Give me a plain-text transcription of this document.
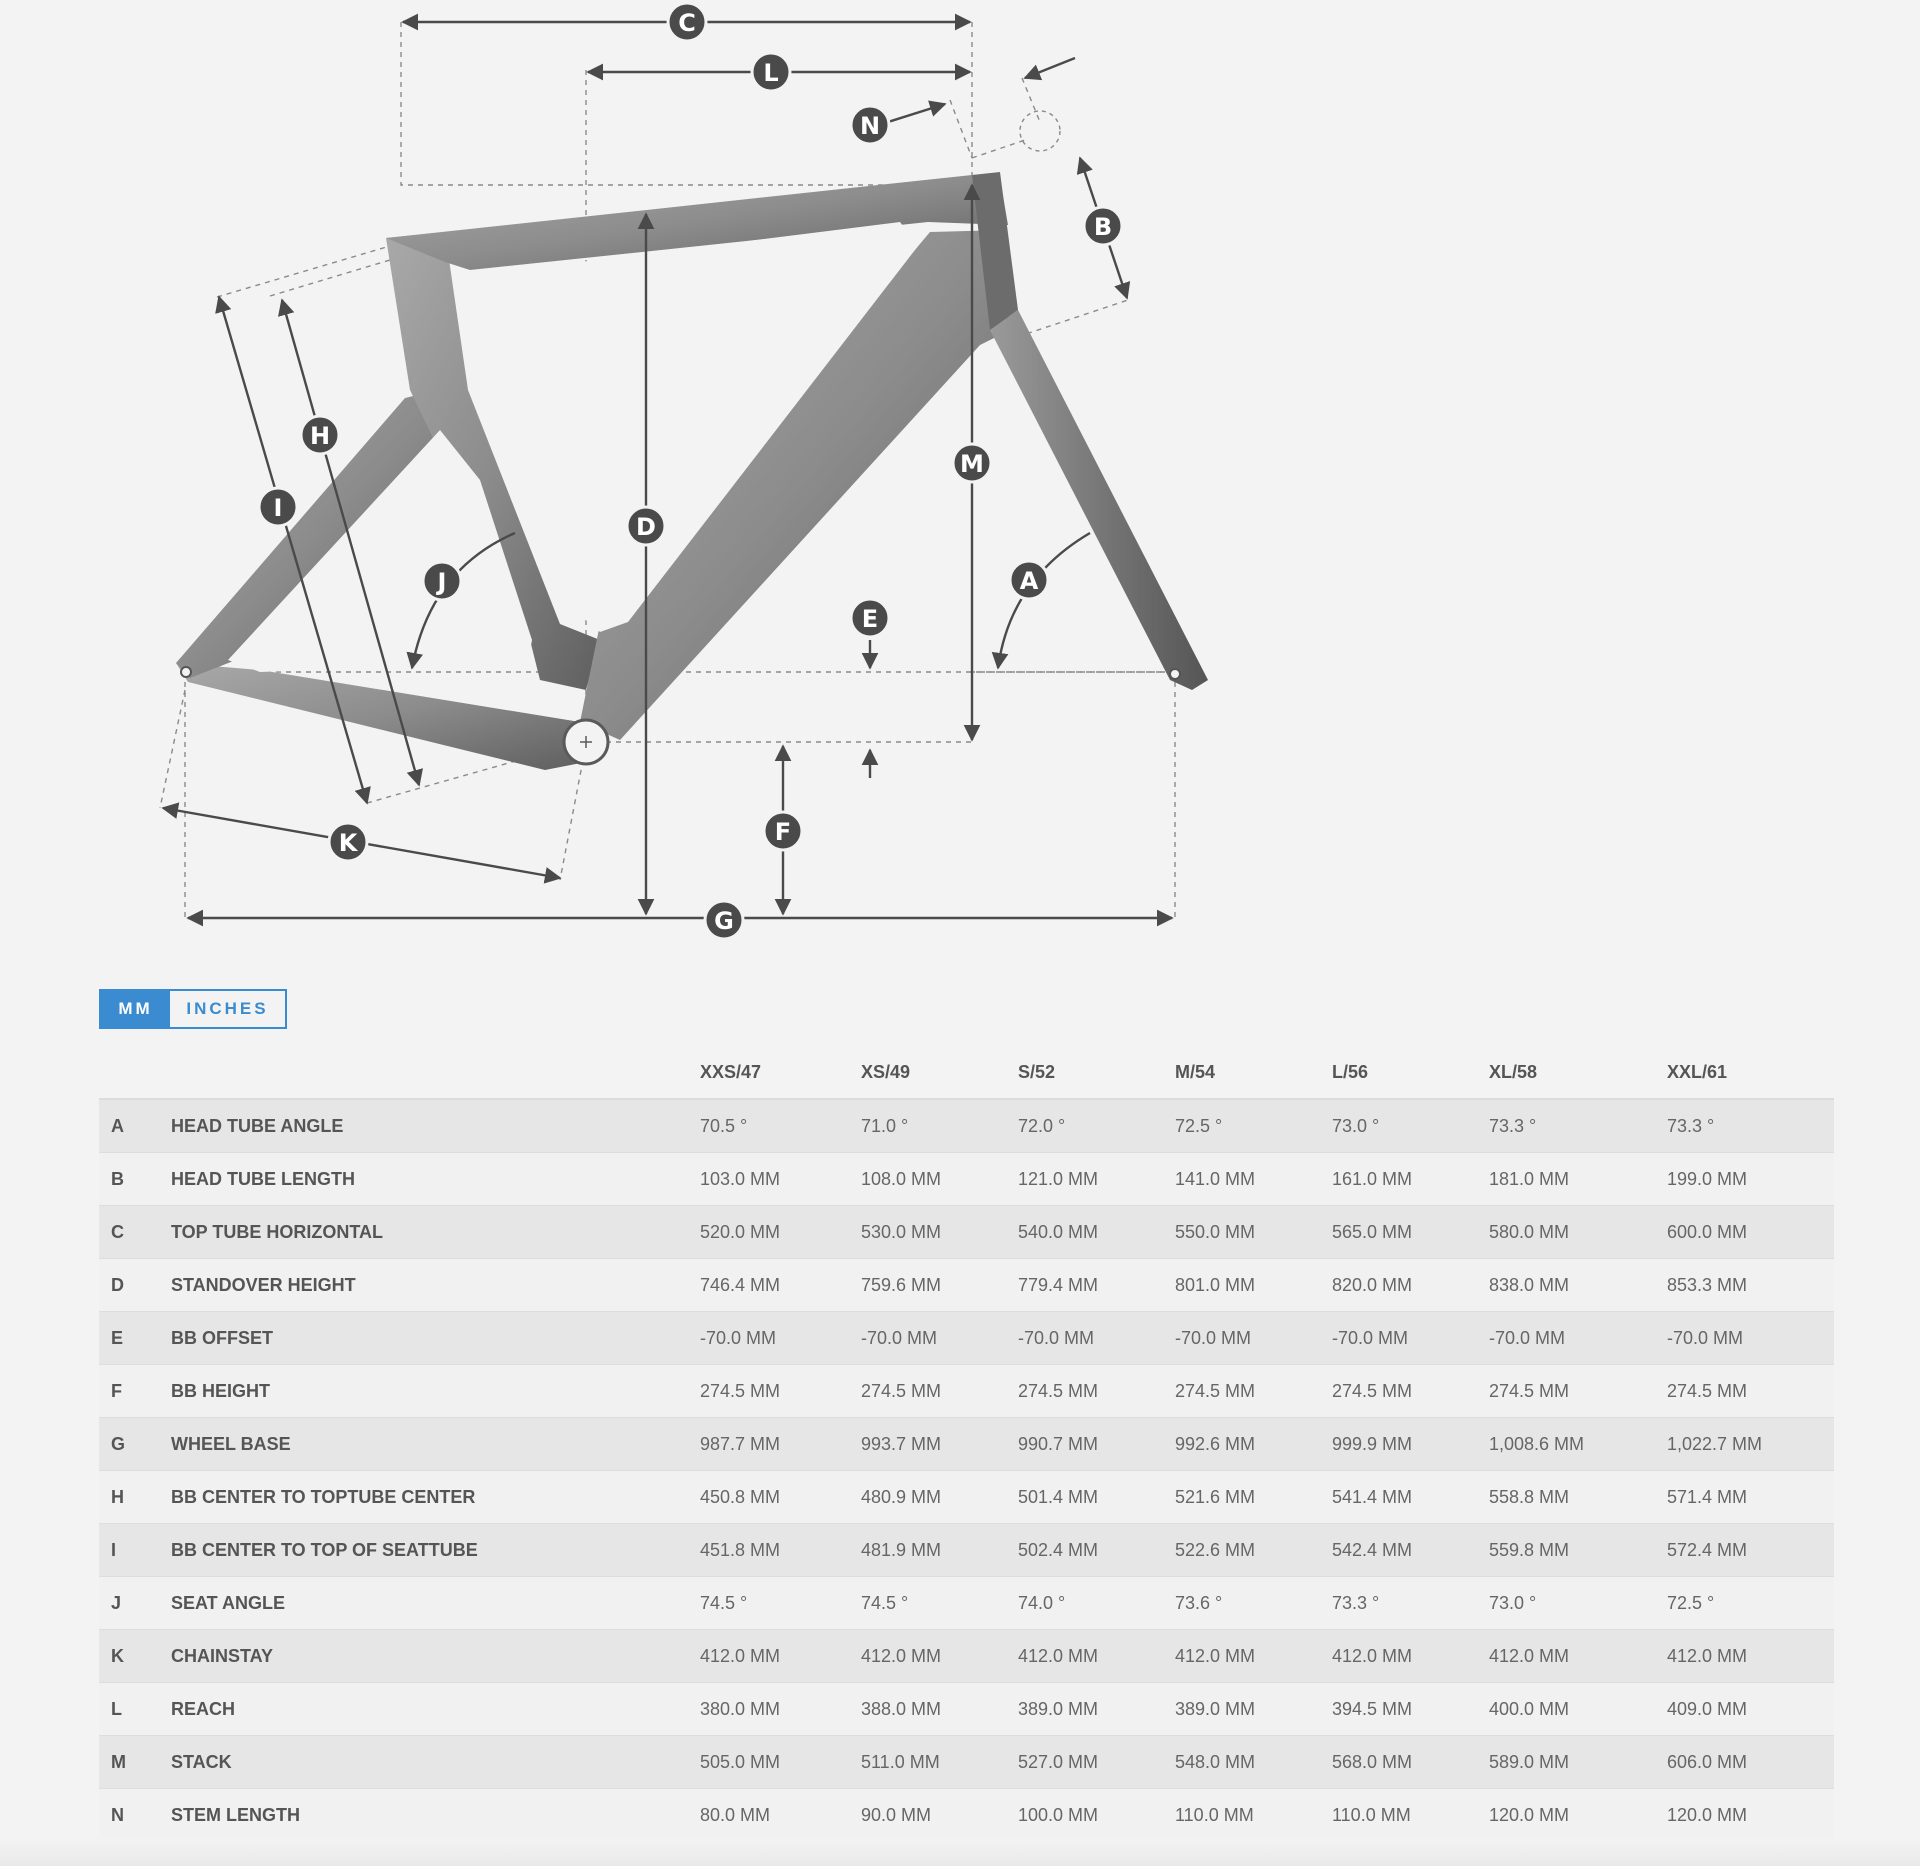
C
L
N
B
H
I
M
D
J	A
E
F
K
G
MM	INCHES
		XXS/47	XS/49	S/52	M/54	L/56	XL/58	XXL/61
A	HEAD TUBE ANGLE	70.5 °	71.0 °	72.0 °	72.5 °	73.0 °	73.3 °	73.3 °
B	HEAD TUBE LENGTH	103.0 MM	108.0 MM	121.0 MM	141.0 MM	161.0 MM	181.0 MM	199.0 MM
C	TOP TUBE HORIZONTAL	520.0 MM	530.0 MM	540.0 MM	550.0 MM	565.0 MM	580.0 MM	600.0 MM
D	STANDOVER HEIGHT	746.4 MM	759.6 MM	779.4 MM	801.0 MM	820.0 MM	838.0 MM	853.3 MM
E	BB OFFSET	-70.0 MM	-70.0 MM	-70.0 MM	-70.0 MM	-70.0 MM	-70.0 MM	-70.0 MM
F	BB HEIGHT	274.5 MM	274.5 MM	274.5 MM	274.5 MM	274.5 MM	274.5 MM	274.5 MM
G	WHEEL BASE	987.7 MM	993.7 MM	990.7 MM	992.6 MM	999.9 MM	1,008.6 MM	1,022.7 MM
H	BB CENTER TO TOPTUBE CENTER	450.8 MM	480.9 MM	501.4 MM	521.6 MM	541.4 MM	558.8 MM	571.4 MM
I	BB CENTER TO TOP OF SEATTUBE	451.8 MM	481.9 MM	502.4 MM	522.6 MM	542.4 MM	559.8 MM	572.4 MM
J	SEAT ANGLE	74.5 °	74.5 °	74.0 °	73.6 °	73.3 °	73.0 °	72.5 °
K	CHAINSTAY	412.0 MM	412.0 MM	412.0 MM	412.0 MM	412.0 MM	412.0 MM	412.0 MM
L	REACH	380.0 MM	388.0 MM	389.0 MM	389.0 MM	394.5 MM	400.0 MM	409.0 MM
M	STACK	505.0 MM	511.0 MM	527.0 MM	548.0 MM	568.0 MM	589.0 MM	606.0 MM
N	STEM LENGTH	80.0 MM	90.0 MM	100.0 MM	110.0 MM	110.0 MM	120.0 MM	120.0 MM
